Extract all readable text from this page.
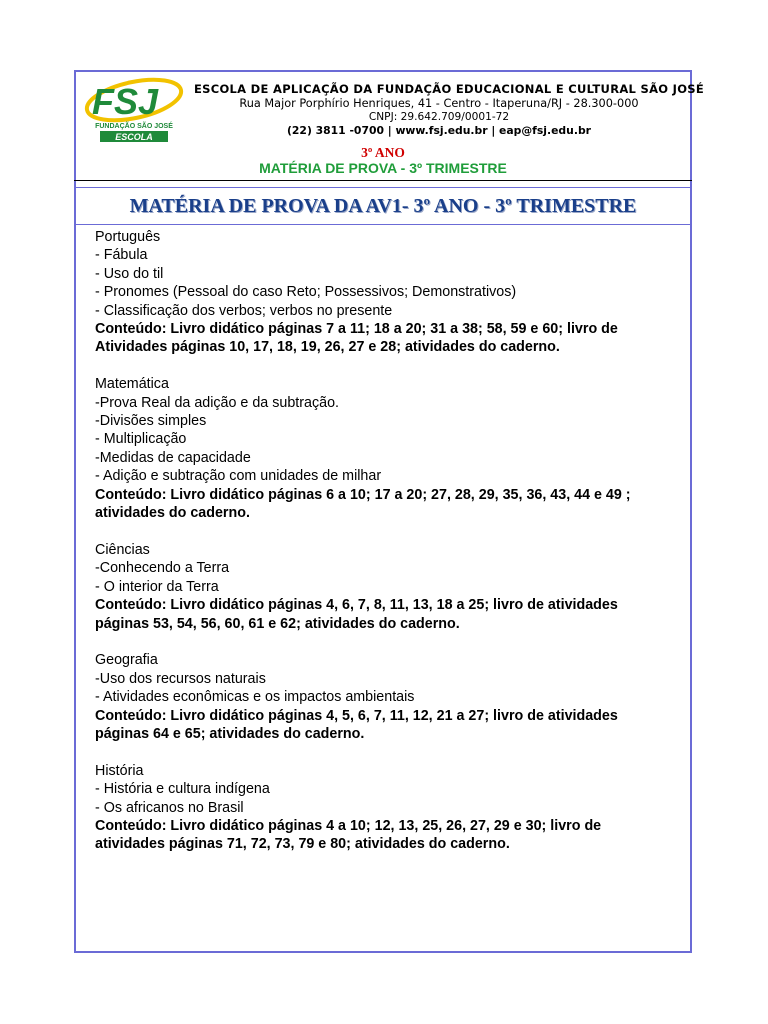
FSJ
FUNDAÇÃO SÃO JOSÉ
ESCOLA
ESCOLA DE APLICAÇÃO DA FUNDAÇÃO EDUCACIONAL E CULTURAL SÃO JOSÉ
Rua Major Porphírio Henriques, 41 - Centro - Itaperuna/RJ - 28.300-000
CNPJ: 29.642.709/0001-72
(22) 3811 -0700 | www.fsj.edu.br | eap@fsj.edu.br
3º ANO
MATÉRIA DE PROVA - 3º TRIMESTRE
MATÉRIA DE PROVA DA AV1- 3º ANO - 3º TRIMESTRE

Português

- Fábula

- Uso do til

- Pronomes (Pessoal do caso Reto; Possessivos; Demonstrativos)

- Classificação dos verbos; verbos no presente

Conteúdo: Livro didático páginas 7 a 11; 18 a 20; 31 a 38; 58, 59 e 60; livro de

Atividades páginas 10, 17, 18, 19, 26, 27 e 28; atividades do caderno.

Matemática

-Prova Real da adição e da subtração.

-Divisões simples

- Multiplicação

-Medidas de capacidade

- Adição e subtração com unidades de milhar

Conteúdo: Livro didático páginas 6 a 10; 17 a 20; 27, 28, 29, 35, 36, 43, 44 e 49 ;

atividades do caderno.

Ciências

-Conhecendo a Terra

- O interior da Terra

Conteúdo: Livro didático páginas 4, 6, 7, 8, 11, 13, 18 a 25; livro de atividades

páginas 53, 54, 56, 60, 61 e 62; atividades do caderno.

Geografia

-Uso dos recursos naturais

- Atividades econômicas e os impactos ambientais

Conteúdo: Livro didático páginas 4, 5, 6, 7, 11, 12, 21 a 27; livro de atividades

páginas 64 e 65; atividades do caderno.

História

- História e cultura indígena

- Os africanos no Brasil

Conteúdo: Livro didático páginas 4 a 10; 12, 13, 25, 26, 27, 29 e 30; livro de

atividades páginas 71, 72, 73, 79 e 80; atividades do caderno.
